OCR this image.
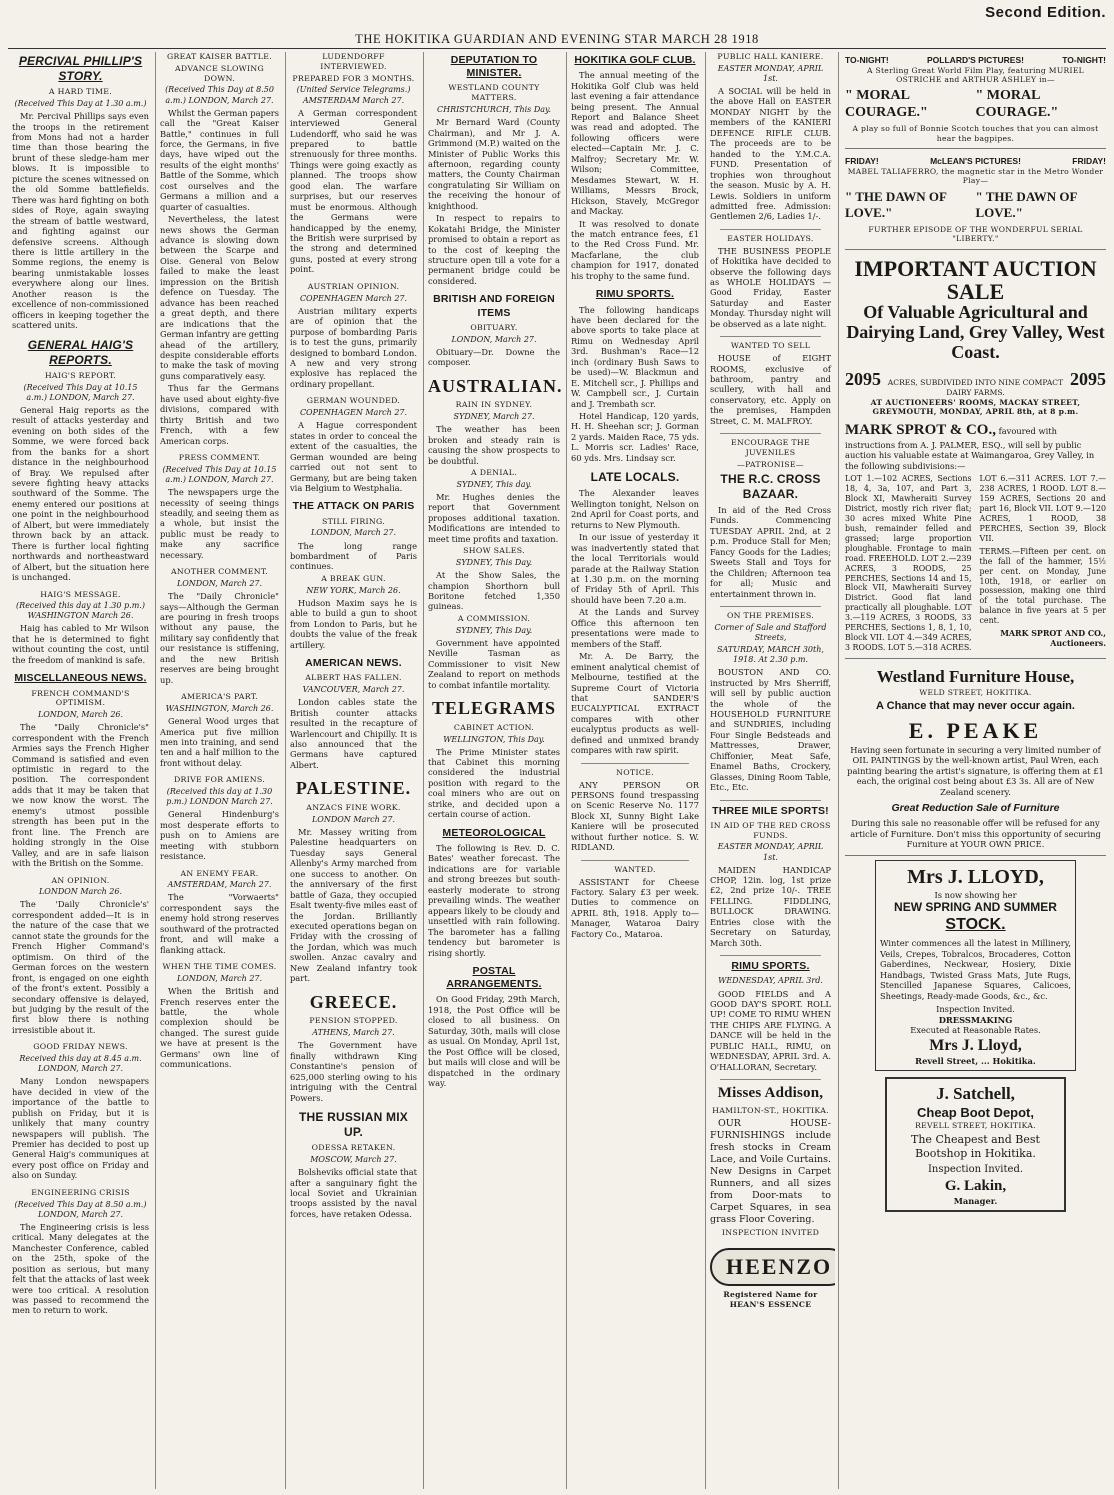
Second Edition.
THE HOKITIKA GUARDIAN AND EVENING STAR MARCH 28 1918
PERCIVAL PHILLIP'S STORY.
A HARD TIME.
(Received This Day at 1.30 a.m.)

Mr. Percival Phillips says even the troops in the retirement from Mons had not a harder time than those bearing the brunt of these sledge-ham mer blows. It is impossible to picture the scenes witnessed on the old Somme battlefields. There was hard fighting on both sides of Roye, again swaying the stream of battle westward, and fighting against our defensive screens. Although there is little artillery in the Somme regions, the enemy is bearing unmistakable losses everywhere along our lines. Another reason is the excellence of non-commissioned officers in keeping together the scattered units.

GENERAL HAIG'S REPORTS.
HAIG'S REPORT.
(Received This Day at 10.15 a.m.) LONDON, March 27.

General Haig reports as the result of attacks yesterday and evening on both sides of the Somme, we were forced back from the banks for a short distance in the neighbourhood of Bray. We repulsed after severe fighting heavy attacks southward of the Somme. The enemy entered our positions at one point in the neighbourhood of Albert, but were immediately thrown back by an attack. There is further local fighting northwards and northeastward of Albert, but the situation here is unchanged.

HAIG'S MESSAGE.
(Received this day at 1.30 p.m.) WASHINGTON March 26.

Haig has cabled to Mr Wilson that he is determined to fight without counting the cost, until the freedom of mankind is safe.

MISCELLANEOUS NEWS.
FRENCH COMMAND'S OPTIMISM.
LONDON, March 26.

The "Daily Chronicle's" correspondent with the French Armies says the French Higher Command is satisfied and even optimistic in regard to the position. The correspondent adds that it may be taken that we now know the worst. The enemy's utmost possible strength has been put in the front line. The French are holding strongly in the Oise Valley, and are in safe liaison with the British on the Somme.

AN OPINION.
LONDON March 26.

The 'Daily Chronicle's' correspondent added—It is in the nature of the case that we cannot state the grounds for the French Higher Command's optimism. On third of the German forces on the western front, is engaged on one eighth of the front's extent. Possibly a secondary offensive is delayed, but judging by the result of the first blow there is nothing irresistible about it.

GOOD FRIDAY NEWS.
Received this day at 8.45 a.m. LONDON, March 27.

Many London newspapers have decided in view of the importance of the battle to publish on Friday, but it is unlikely that many country newspapers will publish. The Premier has decided to post up General Haig's communiques at every post office on Friday and also on Sunday.

ENGINEERING CRISIS
(Received This Day at 8.50 a.m.) LONDON, March 27.

The Engineering crisis is less critical. Many delegates at the Manchester Conference, cabled on the 25th, spoke of the position as serious, but many felt that the attacks of last week were too critical. A resolution was passed to recommend the men to return to work.

GREAT KAISER BATTLE.
ADVANCE SLOWING DOWN.
(Received This Day at 8.50 a.m.) LONDON, March 27.

Whilst the German papers call the "Great Kaiser Battle," continues in full force, the Germans, in five days, have wiped out the results of the eight months' Battle of the Somme, which cost ourselves and the Germans a million and a quarter of casualties.

Nevertheless, the latest news shows the German advance is slowing down between the Scarpe and Oise. General von Below failed to make the least impression on the British defence on Tuesday. The advance has been reached a great depth, and there are indications that the German infantry are getting ahead of the artillery, despite considerable efforts to make the task of moving guns comparatively easy.

Thus far the Germans have used about eighty-five divisions, compared with thirty British and two French, with a few American corps.

PRESS COMMENT.
(Received This Day at 10.15 a.m.) LONDON, March 27.

The newspapers urge the necessity of seeing things steadily, and seeing them as a whole, but insist the public must be ready to make any sacrifice necessary.

ANOTHER COMMENT.
LONDON, March 27.

The "Daily Chronicle" says—Although the German are pouring in fresh troops without any pause, the military say confidently that our resistance is stiffening, and the new British reserves are being brought up.

AMERICA'S PART.
WASHINGTON, March 26.

General Wood urges that America put five million men into training, and send ten and a half million to the front without delay.

DRIVE FOR AMIENS.
(Received this day at 1.30 p.m.) LONDON March 27.

General Hindenburg's most desperate efforts to push on to Amiens are meeting with stubborn resistance.

AN ENEMY FEAR.
AMSTERDAM, March 27.

The "Vorwaerts" correspondent says the enemy hold strong reserves southward of the protracted front, and will make a flanking attack.

WHEN THE TIME COMES.
LONDON, March 27.

When the British and French reserves enter the battle, the whole complexion should be changed. The surest guide we have at present is the Germans' own line of communications.

LUDENDORFF INTERVIEWED.
PREPARED FOR 3 MONTHS.
(United Service Telegrams.) AMSTERDAM March 27.

A German correspondent interviewed General Ludendorff, who said he was prepared to battle strenuously for three months. Things were going exactly as planned. The troops show good elan. The warfare surprises, but our reserves must be enormous. Although the Germans were handicapped by the enemy, the British were surprised by the strong and determined guns, posted at every strong point.

AUSTRIAN OPINION.
COPENHAGEN March 27.

Austrian military experts are of opinion that the purpose of bombarding Paris is to test the guns, primarily designed to bombard London. A new and very strong explosive has replaced the ordinary propellant.

GERMAN WOUNDED.
COPENHAGEN March 27.

A Hague correspondent states in order to conceal the extent of the casualties, the German wounded are being carried out not sent to Germany, but are being taken via Belgium to Westphalia.

THE ATTACK ON PARIS
STILL FIRING.
LONDON, March 27.

The long range bombardment of Paris continues.

A BREAK GUN.
NEW YORK, March 26.

Hudson Maxim says he is able to build a gun to shoot from London to Paris, but he doubts the value of the freak artillery.

AMERICAN NEWS.
ALBERT HAS FALLEN.
VANCOUVER, March 27.

London cables state the British counter attacks resulted in the recapture of Warlencourt and Chipilly. It is also announced that the Germans have captured Albert.

PALESTINE.
ANZACS FINE WORK.
LONDON March 27.

Mr. Massey writing from Palestine headquarters on Tuesday says General Allenby's Army marched from one success to another. On the anniversary of the first battle of Gaza, they occupied Esalt twenty-five miles east of the Jordan. Brilliantly executed operations began on Friday with the crossing of the Jordan, which was much swollen. Anzac cavalry and New Zealand infantry took part.

GREECE.
PENSION STOPPED.
ATHENS, March 27.

The Government have finally withdrawn King Constantine's pension of 625,000 sterling owing to his intriguing with the Central Powers.

THE RUSSIAN MIX UP.
ODESSA RETAKEN.
MOSCOW, March 27.

Bolsheviks official state that after a sanguinary fight the local Soviet and Ukrainian troops assisted by the naval forces, have retaken Odessa.

DEPUTATION TO MINISTER.
WESTLAND COUNTY MATTERS.
CHRISTCHURCH, This Day.

Mr Bernard Ward (County Chairman), and Mr J. A. Grimmond (M.P.) waited on the Minister of Public Works this afternoon, regarding county matters, the County Chairman congratulating Sir William on the receiving the honour of knighthood.

In respect to repairs to Kokatahi Bridge, the Minister promised to obtain a report as to the cost of keeping the structure open till a vote for a permanent bridge could be considered.

BRITISH AND FOREIGN ITEMS
OBITUARY.
LONDON, March 27.

Obituary—Dr. Downe the composer.

AUSTRALIAN.
RAIN IN SYDNEY.
SYDNEY, March 27.

The weather has been broken and steady rain is causing the show prospects to be doubtful.

A DENIAL.
SYDNEY, This day.

Mr. Hughes denies the report that Government proposes additional taxation. Modifications are intended to meet time profits and taxation.

SHOW SALES.
SYDNEY, This Day.

At the Show Sales, the champion Shorthorn bull Boritone fetched 1,350 guineas.

A COMMISSION.
SYDNEY, This Day.

Government have appointed Neville Tasman as Commissioner to visit New Zealand to report on methods to combat infantile mortality.

TELEGRAMS
CABINET ACTION.
WELLINGTON, This Day.

The Prime Minister states that Cabinet this morning considered the industrial position with regard to the coal miners who are out on strike, and decided upon a certain course of action.

METEOROLOGICAL

The following is Rev. D. C. Bates' weather forecast. The indications are for variable and strong breezes but south-easterly moderate to strong prevailing winds. The weather appears likely to be cloudy and unsettled with rain following. The barometer has a falling tendency but barometer is rising shortly.

POSTAL ARRANGEMENTS.

On Good Friday, 29th March, 1918, the Post Office will be closed to all business. On Saturday, 30th, mails will close as usual. On Monday, April 1st, the Post Office will be closed, but mails will close and will be dispatched in the ordinary way.

HOKITIKA GOLF CLUB.

The annual meeting of the Hokitika Golf Club was held last evening a fair attendance being present. The Annual Report and Balance Sheet was read and adopted. The following officers were elected—Captain Mr. J. C. Malfroy; Secretary Mr. W. Wilson; Committee, Mesdames Stewart, W. H. Williams, Messrs Brock, Hickson, Stavely, McGregor and Mackay.

It was resolved to donate the match entrance fees, £1 to the Red Cross Fund. Mr. Macfarlane, the club champion for 1917, donated his trophy to the same fund.

RIMU SPORTS.

The following handicaps have been declared for the above sports to take place at Rimu on Wednesday April 3rd. Bushman's Race—12 inch (ordinary Bush Saws to be used)—W. Blackmun and E. Mitchell scr., J. Phillips and W. Campbell scr., J. Curtain and J. Trembath scr.

Hotel Handicap, 120 yards, H. H. Sheehan scr; J. Gorman 2 yards. Maiden Race, 75 yds. L. Morris scr. Ladies' Race, 60 yds. Mrs. Lindsay scr.

LATE LOCALS.

The Alexander leaves Wellington tonight, Nelson on 2nd April for Coast ports, and returns to New Plymouth.

In our issue of yesterday it was inadvertently stated that the local Territorials would parade at the Railway Station at 1.30 p.m. on the morning of Friday 5th of April. This should have been 7.20 a.m.

At the Lands and Survey Office this afternoon ten presentations were made to members of the Staff.

Mr. A. De Barry, the eminent analytical chemist of Melbourne, testified at the Supreme Court of Victoria that SANDER'S EUCALYPTICAL EXTRACT compares with other eucalyptus products as well-defined and unmixed brandy compares with raw spirit.

NOTICE.

ANY PERSON OR PERSONS found trespassing on Scenic Reserve No. 1177 Block XI, Sunny Bight Lake Kaniere will be prosecuted without further notice. S. W. RIDLAND.

WANTED.

ASSISTANT for Cheese Factory. Salary £3 per week. Duties to commence on APRIL 8th, 1918. Apply to—Manager, Wataroa Dairy Factory Co., Mataroa.

PUBLIC HALL KANIERE.
EASTER MONDAY, APRIL 1st.

A SOCIAL will be held in the above Hall on EASTER MONDAY NIGHT by the members of the KANIERI DEFENCE RIFLE CLUB. The proceeds are to be handed to the Y.M.C.A. FUND. Presentation of trophies won throughout the season. Music by A. H. Lewis. Soldiers in uniform admitted free. Admission: Gentlemen 2/6, Ladies 1/-.

EASTER HOLIDAYS.

THE BUSINESS PEOPLE of Hokitika have decided to observe the following days as WHOLE HOLIDAYS —Good Friday, Easter Saturday and Easter Monday. Thursday night will be observed as a late night.

WANTED TO SELL

HOUSE of EIGHT ROOMS, exclusive of bathroom, pantry and scullery, with hall and conservatory, etc. Apply on the premises, Hampden Street, C. M. MALFROY.

ENCOURAGE THE JUVENILES
—PATRONISE—
THE R.C. CROSS BAZAAR.

In aid of the Red Cross Funds. Commencing TUESDAY APRIL 2nd, at 2 p.m. Produce Stall for Men; Fancy Goods for the Ladies; Sweets Stall and Toys for the Children; Afternoon tea for all; Music and entertainment thrown in.

ON THE PREMISES.
Corner of Sale and Stafford Streets,
SATURDAY, MARCH 30th, 1918. At 2.30 p.m.

BOUSTON AND CO. instructed by Mrs Sherriff, will sell by public auction the whole of the HOUSEHOLD FURNITURE and SUNDRIES, including Four Single Bedsteads and Mattresses, Drawer, Chiffonier, Meat Safe, Enamel Baths, Crockery, Glasses, Dining Room Table, Etc., Etc.

THREE MILE SPORTS!
IN AID OF THE RED CROSS FUNDS.
EASTER MONDAY, APRIL 1st.

MAIDEN HANDICAP CHOP, 12in. log, 1st prize £2, 2nd prize 10/-. TREE FELLING. FIDDLING, BULLOCK DRAWING. Entries close with the Secretary on Saturday, March 30th.

RIMU SPORTS.
WEDNESDAY, APRIL 3rd.

GOOD FIELDS and A GOOD DAY'S SPORT. ROLL UP! COME TO RIMU WHEN THE CHIPS ARE FLYING. A DANCE will be held in the PUBLIC HALL, RIMU, on WEDNESDAY, APRIL 3rd. A. O'HALLORAN, Secretary.

Misses Addison,
HAMILTON-ST., HOKITIKA.

OUR HOUSE-FURNISHINGS include fresh stocks in Cream Lace, and Voile Curtains. New Designs in Carpet Runners, and all sizes from Door-mats to Carpet Squares, in sea grass Floor Covering.

INSPECTION INVITED
HEENZO
Registered Name for HEAN'S ESSENCE
TO-NIGHT!	POLLARD'S PICTURES!	TO-NIGHT!
A Sterling Great World Film Play, featuring MURIEL OSTRICHE and ARTHUR ASHLEY in—
" MORAL COURAGE."
" MORAL COURAGE."
A play so full of Bonnie Scotch touches that you can almost hear the bagpipes.
FRIDAY!	McLEAN'S PICTURES!	FRIDAY!
MABEL TALIAFERRO, the magnetic star in the Metro Wonder Play—
" THE DAWN OF LOVE."
" THE DAWN OF LOVE."
FURTHER EPISODE OF THE WONDERFUL SERIAL "LIBERTY."
IMPORTANT AUCTION SALE
Of Valuable Agricultural and Dairying Land, Grey Valley, West Coast.
2095 ACRES, SUBDIVIDED INTO NINE COMPACT DAIRY FARMS.
2095
AT AUCTIONEERS' ROOMS, MACKAY STREET, GREYMOUTH, MONDAY, APRIL 8th, at 8 p.m.
MARK SPROT & CO., favoured with instructions from A. J. PALMER, ESQ., will sell by public auction his valuable estate at Waimangaroa, Grey Valley, in the following subdivisions:—

LOT 1.—102 ACRES, Sections 18, 4, 3a, 107, and Part 3, Block XI, Mawheraiti Survey District, mostly rich river flat; 30 acres mixed White Pine bush, remainder felled and grassed; large proportion ploughable. Frontage to main road. FREEHOLD. LOT 2.—239 ACRES, 3 ROODS, 25 PERCHES, Sections 14 and 15, Block VII, Mawheraiti Survey District. Good flat land practically all ploughable. LOT 3.—119 ACRES, 3 ROODS, 33 PERCHES, Sections 1, 8, 1, 10, Block VII. LOT 4.—349 ACRES, 3 ROODS. LOT 5.—318 ACRES. LOT 6.—311 ACRES. LOT 7.—238 ACRES, 1 ROOD. LOT 8.—159 ACRES, Sections 20 and part 16, Block VII. LOT 9.—120 ACRES, 1 ROOD, 38 PERCHES, Section 39, Block VII.

TERMS.—Fifteen per cent. on the fall of the hammer, 15½ per cent. on Monday, June 10th, 1918, or earlier on possession, making one third of the total purchase. The balance in five years at 5 per cent.

MARK SPROT AND CO., Auctioneers.

Westland Furniture House,
WELD STREET, HOKITIKA.
A Chance that may never occur again.
E. PEAKE

Having seen fortunate in securing a very limited number of OIL PAINTINGS by the well-known artist, Paul Wren, each painting bearing the artist's signature, is offering them at £1 each, the original cost being about £3 3s. All are of New Zealand scenery.

Great Reduction Sale of Furniture

During this sale no reasonable offer will be refused for any article of Furniture. Don't miss this opportunity of securing Furniture at YOUR OWN PRICE.

Mrs J. LLOYD,
Is now showing her
NEW SPRING AND SUMMER
STOCK.

Winter commences all the latest in Millinery, Veils, Crepes, Tobralcos, Brocaderes, Cotton Gaberdines, Neckwear, Hosiery, Dixie Handbags, Twisted Grass Mats, Jute Rugs, Stencilled Japanese Squares, Calicoes, Sheetings, Ready-made Goods, &c., &c.

Inspection Invited.
DRESSMAKING
Executed at Reasonable Rates.
Mrs J. Lloyd,
Revell Street, ... Hokitika.
J. Satchell,
Cheap Boot Depot,
REVELL STREET, HOKITIKA.
The Cheapest and Best Bootshop in Hokitika.
Inspection Invited.
G. Lakin,
Manager.
